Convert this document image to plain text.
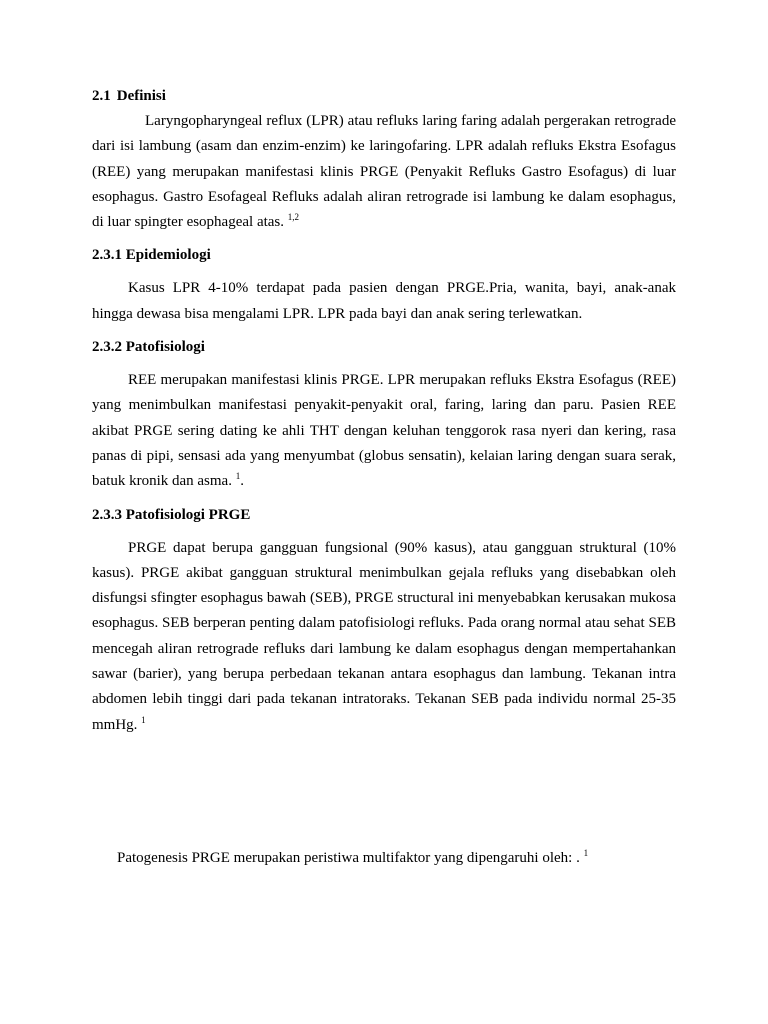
2.1 Definisi

Laryngopharyngeal reflux (LPR) atau refluks laring faring adalah pergerakan retrograde dari isi lambung (asam dan enzim-enzim) ke laringofaring. LPR adalah refluks Ekstra Esofagus (REE) yang merupakan manifestasi klinis PRGE (Penyakit Refluks Gastro Esofagus) di luar esophagus. Gastro Esofageal Refluks adalah aliran retrograde isi lambung ke dalam esophagus, di luar spingter esophageal atas. $^{1,2}$

2.3.1 Epidemiologi

Kasus LPR 4-10% terdapat pada pasien dengan PRGE.Pria, wanita, bayi, anak-anak hingga dewasa bisa mengalami LPR. LPR pada bayi dan anak sering terlewatkan.

2.3.2 Patofisiologi

REE merupakan manifestasi klinis PRGE. LPR merupakan refluks Ekstra Esofagus (REE) yang menimbulkan manifestasi penyakit-penyakit oral, faring, laring dan paru. Pasien REE akibat PRGE sering dating ke ahli THT dengan keluhan tenggorok rasa nyeri dan kering, rasa panas di pipi, sensasi ada yang menyumbat (globus sensatin), kelaian laring dengan suara serak, batuk kronik dan asma. $^1$.

2.3.3 Patofisiologi PRGE

PRGE dapat berupa gangguan fungsional (90% kasus), atau gangguan struktural (10% kasus). PRGE akibat gangguan struktural menimbulkan gejala refluks yang disebabkan oleh disfungsi sfingter esophagus bawah (SEB), PRGE structural ini menyebabkan kerusakan mukosa esophagus. SEB berperan penting dalam patofisiologi refluks. Pada orang normal atau sehat SEB mencegah aliran retrograde refluks dari lambung ke dalam esophagus dengan mempertahankan sawar (barier), yang berupa perbedaan tekanan antara esophagus dan lambung. Tekanan intra abdomen lebih tinggi dari pada tekanan intratoraks. Tekanan SEB pada individu normal 25-35 mmHg. $^1$

Patogenesis PRGE merupakan peristiwa multifaktor yang dipengaruhi oleh: . $^1$
